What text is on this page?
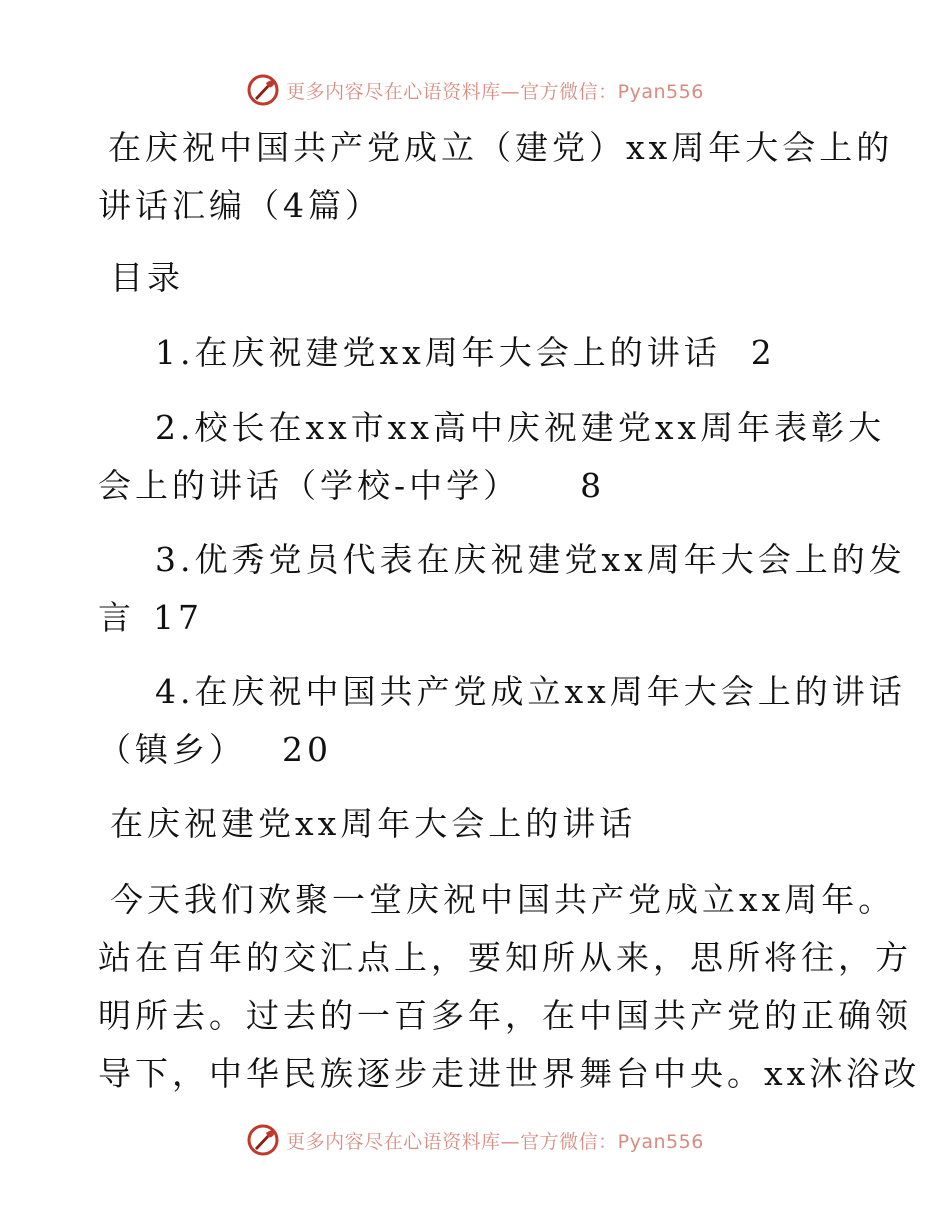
更多内容尽在心语资料库—官方微信：Pyan556
在庆祝中国共产党成立（建党）xx周年大会上的
讲话汇编（4篇）
目录
1.在庆祝建党xx周年大会上的讲话 2
2.校长在xx市xx高中庆祝建党xx周年表彰大
会上的讲话（学校-中学） 8
3.优秀党员代表在庆祝建党xx周年大会上的发
言 17
4.在庆祝中国共产党成立xx周年大会上的讲话
（镇乡） 20
在庆祝建党xx周年大会上的讲话
今天我们欢聚一堂庆祝中国共产党成立xx周年。
站在百年的交汇点上，要知所从来，思所将往，方
明所去。过去的一百多年，在中国共产党的正确领
导下，中华民族逐步走进世界舞台中央。xx沐浴改
更多内容尽在心语资料库—官方微信：Pyan556
